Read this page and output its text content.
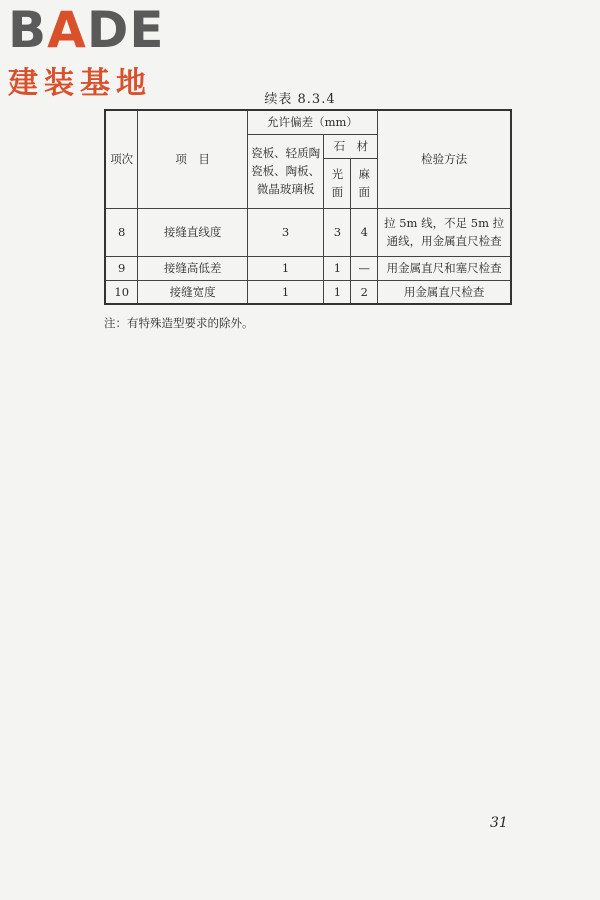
BADE
建装基地	续表 8.3.4
项次	项　目	允许偏差（mm）			检验方法
		瓷板、轻质陶瓷板、陶板、微晶玻璃板	石　材		
			光面	麻面	
8	接缝直线度	3	3	4	拉 5m 线，不足 5m 拉通线，用金属直尺检查
9	接缝高低差	1	1	—	用金属直尺和塞尺检查
10	接缝宽度	1	1	2	用金属直尺检查
注：有特殊造型要求的除外。
31
